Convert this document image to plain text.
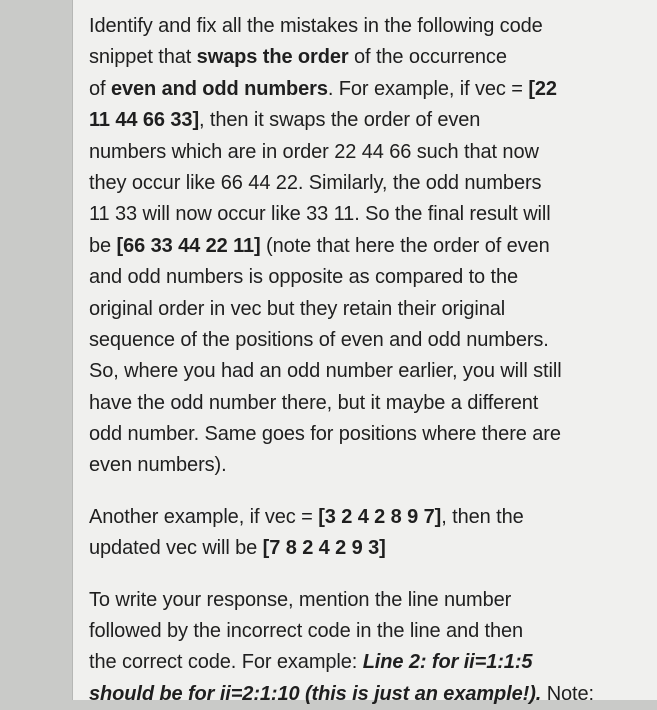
Identify and fix all the mistakes in the following code
snippet that swaps the order of the occurrence
of even and odd numbers. For example, if vec = [22
11 44 66 33], then it swaps the order of even
numbers which are in order 22 44 66 such that now
they occur like 66 44 22. Similarly, the odd numbers
11 33 will now occur like 33 11. So the final result will
be [66 33 44 22 11] (note that here the order of even
and odd numbers is opposite as compared to the
original order in vec but they retain their original
sequence of the positions of even and odd numbers.
So, where you had an odd number earlier, you will still
have the odd number there, but it maybe a different
odd number. Same goes for positions where there are
even numbers).
Another example, if vec = [3 2 4 2 8 9 7], then the
updated vec will be [7 8 2 4 2 9 3]
To write your response, mention the line number
followed by the incorrect code in the line and then
the correct code. For example: Line 2: for ii=1:1:5
should be for ii=2:1:10 (this is just an example!). Note:
